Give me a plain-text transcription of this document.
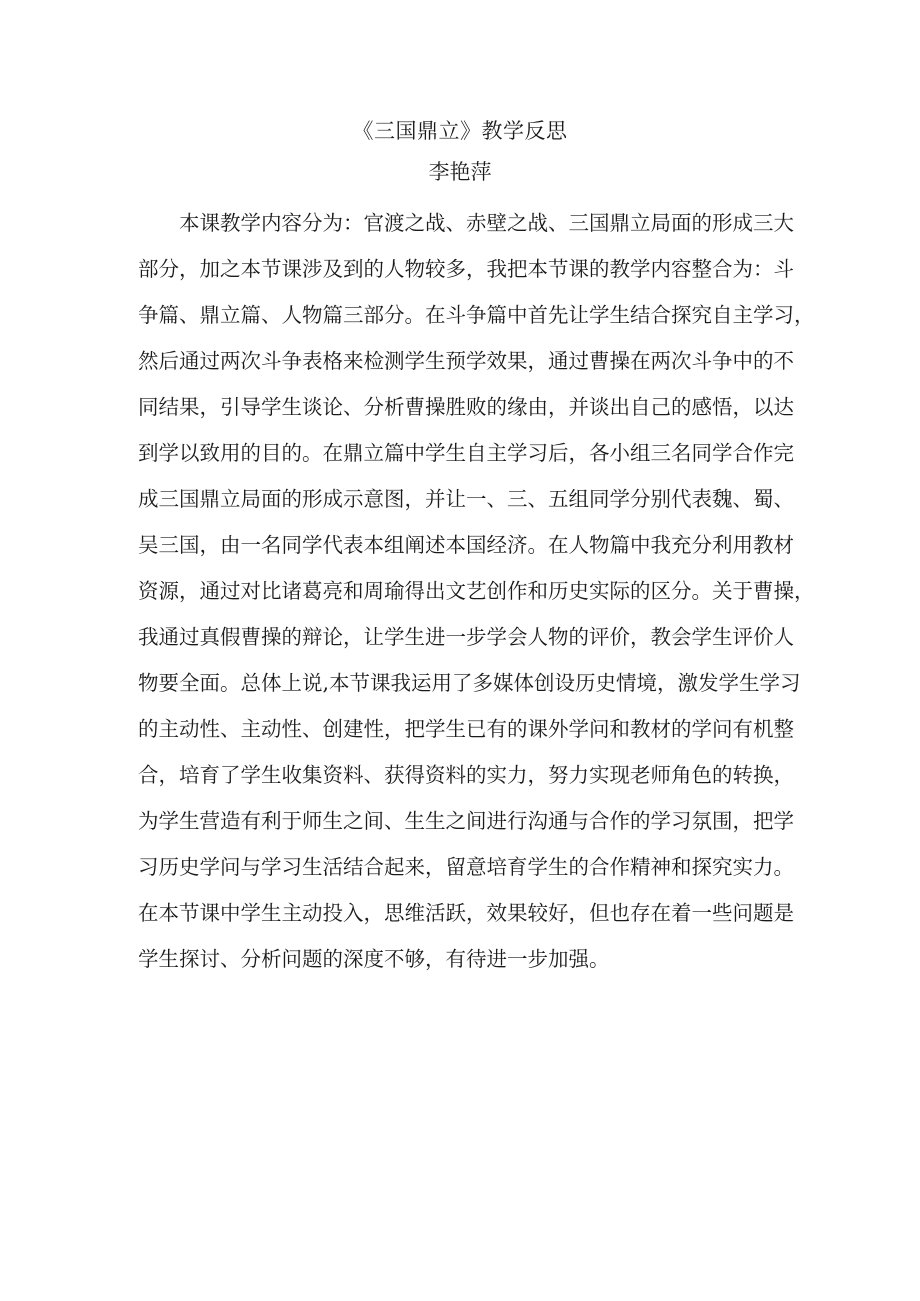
《三国鼎立》教学反思
李艳萍
本课教学内容分为：官渡之战、赤壁之战、三国鼎立局面的形成三大
部分，加之本节课涉及到的人物较多，我把本节课的教学内容整合为：斗
争篇、鼎立篇、人物篇三部分。在斗争篇中首先让学生结合探究自主学习，
然后通过两次斗争表格来检测学生预学效果，通过曹操在两次斗争中的不
同结果，引导学生谈论、分析曹操胜败的缘由，并谈出自己的感悟，以达
到学以致用的目的。在鼎立篇中学生自主学习后，各小组三名同学合作完
成三国鼎立局面的形成示意图，并让一、三、五组同学分别代表魏、蜀、
吴三国，由一名同学代表本组阐述本国经济。在人物篇中我充分利用教材
资源，通过对比诸葛亮和周瑜得出文艺创作和历史实际的区分。关于曹操，
我通过真假曹操的辩论，让学生进一步学会人物的评价，教会学生评价人
物要全面。总体上说,本节课我运用了多媒体创设历史情境，激发学生学习
的主动性、主动性、创建性，把学生已有的课外学问和教材的学问有机整
合，培育了学生收集资料、获得资料的实力，努力实现老师角色的转换，
为学生营造有利于师生之间、生生之间进行沟通与合作的学习氛围，把学
习历史学问与学习生活结合起来，留意培育学生的合作精神和探究实力。
在本节课中学生主动投入，思维活跃，效果较好，但也存在着一些问题是
学生探讨、分析问题的深度不够，有待进一步加强。
